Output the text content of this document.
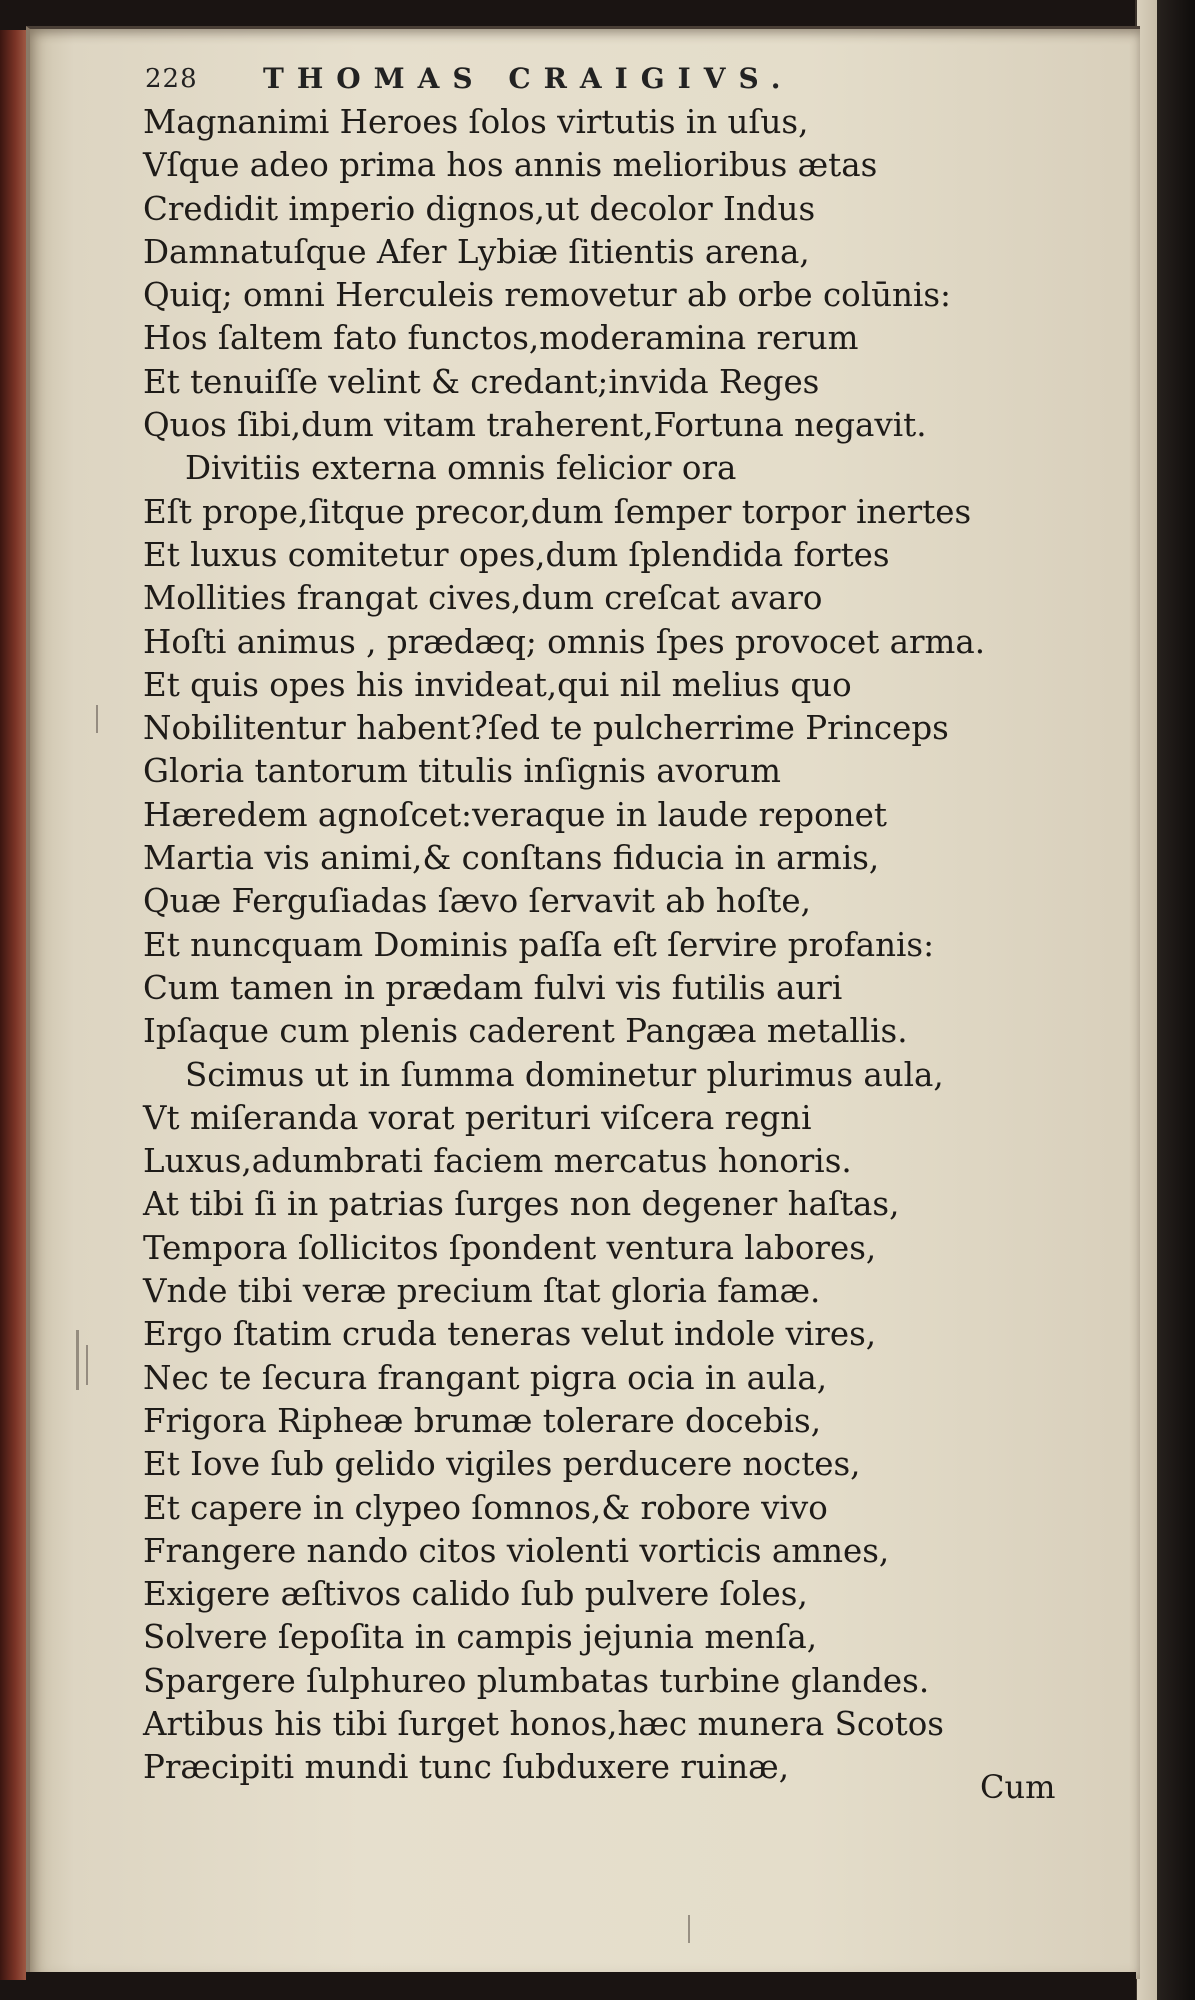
228 THOMAS CRAIGIVS.
Magnanimi Heroes ſolos virtutis in uſus,
Vſque adeo prima hos annis melioribus ætas
Credidit imperio dignos,ut decolor Indus
Damnatuſque Afer Lybiæ ſitientis arena,
Quiq; omni Herculeis removetur ab orbe colūnis:
Hos ſaltem fato functos,moderamina rerum
Et tenuiſſe velint & credant;invida Reges
Quos ſibi,dum vitam traherent,Fortuna negavit.
Divitiis externa omnis felicior ora
Eſt prope,ſitque precor,dum ſemper torpor inertes
Et luxus comitetur opes,dum ſplendida fortes
Mollities frangat cives,dum creſcat avaro
Hoſti animus , prædæq; omnis ſpes provocet arma.
Et quis opes his invideat,qui nil melius quo
Nobilitentur habent?ſed te pulcherrime Princeps
Gloria tantorum titulis inſignis avorum
Hæredem agnoſcet:veraque in laude reponet
Martia vis animi,& conſtans fiducia in armis,
Quæ Ferguſiadas ſævo ſervavit ab hoſte,
Et nuncquam Dominis paſſa eſt ſervire profanis:
Cum tamen in prædam fulvi vis futilis auri
Ipſaque cum plenis caderent Pangæa metallis.
Scimus ut in ſumma dominetur plurimus aula,
Vt miſeranda vorat perituri viſcera regni
Luxus,adumbrati faciem mercatus honoris.
At tibi ſi in patrias ſurges non degener haſtas,
Tempora ſollicitos ſpondent ventura labores,
Vnde tibi veræ precium ſtat gloria famæ.
Ergo ſtatim cruda teneras velut indole vires,
Nec te ſecura frangant pigra ocia in aula,
Frigora Ripheæ brumæ tolerare docebis,
Et Iove ſub gelido vigiles perducere noctes,
Et capere in clypeo ſomnos,& robore vivo
Frangere nando citos violenti vorticis amnes,
Exigere æſtivos calido ſub pulvere ſoles,
Solvere ſepoſita in campis jejunia menſa,
Spargere ſulphureo plumbatas turbine glandes.
Artibus his tibi ſurget honos,hæc munera Scotos
Præcipiti mundi tunc ſubduxere ruinæ,
Cum
